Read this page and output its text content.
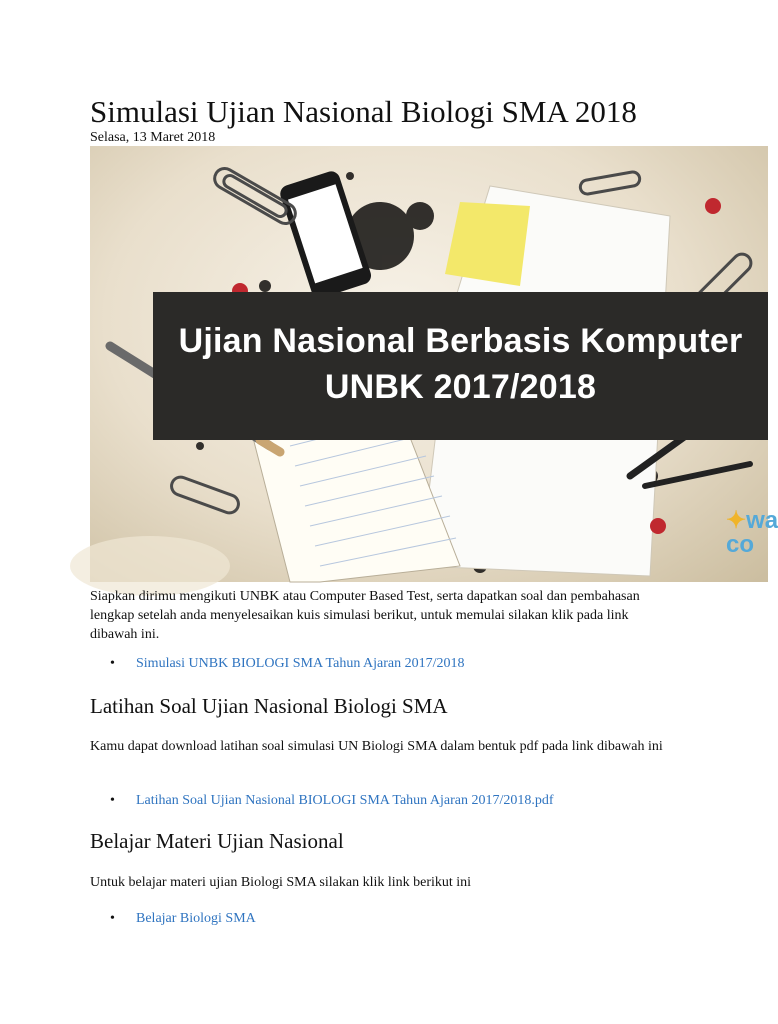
Simulasi Ujian Nasional Biologi SMA 2018
Selasa, 13 Maret 2018
Ujian Nasional Berbasis Komputer
UNBK 2017/2018
✦wa
co
Siapkan dirimu mengikuti UNBK atau Computer Based Test, serta dapatkan soal dan pembahasan lengkap setelah anda menyelesaikan kuis simulasi berikut, untuk memulai silakan klik pada link dibawah ini.
• Simulasi UNBK BIOLOGI SMA Tahun Ajaran 2017/2018
Latihan Soal Ujian Nasional Biologi SMA
Kamu dapat download latihan soal simulasi UN Biologi SMA dalam bentuk pdf pada link dibawah ini
• Latihan Soal Ujian Nasional BIOLOGI SMA Tahun Ajaran 2017/2018.pdf
Belajar Materi Ujian Nasional
Untuk belajar materi ujian Biologi SMA silakan klik link berikut ini
• Belajar Biologi SMA
